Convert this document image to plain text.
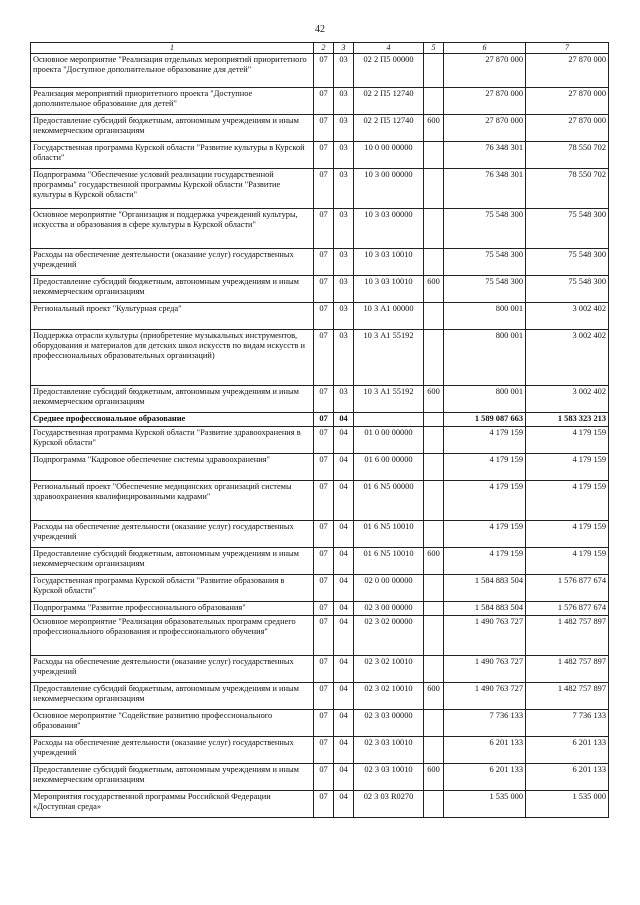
42
1	2	3	4	5	6	7
Основное мероприятие "Реализация отдельных мероприятий приоритетного проекта "Доступное дополнительное образование для детей"	07	03	02 2 П5 00000		27 870 000	27 870 000
Реализация мероприятий приоритетного проекта "Доступное дополнительное образование для детей"	07	03	02 2 П5 12740		27 870 000	27 870 000
Предоставление субсидий бюджетным, автономным учреждениям и иным некоммерческим организациям	07	03	02 2 П5 12740	600	27 870 000	27 870 000
Государственная программа Курской области "Развитие культуры в Курской области"	07	03	10 0 00 00000		76 348 301	78 550 702
Подпрограмма "Обеспечение условий реализации государственной программы" государственной программы Курской области "Развитие культуры в Курской области"	07	03	10 3 00 00000		76 348 301	78 550 702
Основное мероприятие "Организация и поддержка учреждений культуры, искусства и образования в сфере культуры в Курской области"	07	03	10 3 03 00000		75 548 300	75 548 300
Расходы на обеспечение деятельности (оказание услуг) государственных учреждений	07	03	10 3 03 10010		75 548 300	75 548 300
Предоставление субсидий бюджетным, автономным учреждениям и иным некоммерческим организациям	07	03	10 3 03 10010	600	75 548 300	75 548 300
Региональный проект "Культурная среда"	07	03	10 3 А1 00000		800 001	3 002 402
Поддержка отрасли культуры (приобретение музыкальных инструментов, оборудования и материалов для детских школ искусств по видам искусств и профессиональных образовательных организаций)	07	03	10 3 А1 55192		800 001	3 002 402
Предоставление субсидий бюджетным, автономным учреждениям и иным некоммерческим организациям	07	03	10 3 А1 55192	600	800 001	3 002 402
Среднее профессиональное образование	07	04			1 589 087 663	1 583 323 213
Государственная программа Курской области "Развитие здравоохранения в Курской области"	07	04	01 0 00 00000		4 179 159	4 179 159
Подпрограмма "Кадровое обеспечение системы здравоохранения"	07	04	01 6 00 00000		4 179 159	4 179 159
Региональный проект "Обеспечение медицинских организаций системы здравоохранения квалифицированными кадрами"	07	04	01 6 N5 00000		4 179 159	4 179 159
Расходы на обеспечение деятельности (оказание услуг) государственных учреждений	07	04	01 6 N5 10010		4 179 159	4 179 159
Предоставление субсидий бюджетным, автономным учреждениям и иным некоммерческим организациям	07	04	01 6 N5 10010	600	4 179 159	4 179 159
Государственная программа Курской области "Развитие образования в Курской области"	07	04	02 0 00 00000		1 584 883 504	1 576 877 674
Подпрограмма "Развитие профессионального образования"	07	04	02 3 00 00000		1 584 883 504	1 576 877 674
Основное мероприятие "Реализация образовательных программ среднего профессионального образования и профессионального обучения"	07	04	02 3 02 00000		1 490 763 727	1 482 757 897
Расходы на обеспечение деятельности (оказание услуг) государственных учреждений	07	04	02 3 02 10010		1 490 763 727	1 482 757 897
Предоставление субсидий бюджетным, автономным учреждениям и иным некоммерческим организациям	07	04	02 3 02 10010	600	1 490 763 727	1 482 757 897
Основное мероприятие "Содействие развитию профессионального образования"	07	04	02 3 03 00000		7 736 133	7 736 133
Расходы на обеспечение деятельности (оказание услуг) государственных учреждений	07	04	02 3 03 10010		6 201 133	6 201 133
Предоставление субсидий бюджетным, автономным учреждениям и иным некоммерческим организациям	07	04	02 3 03 10010	600	6 201 133	6 201 133
Мероприятия государственной программы Российской Федерации «Доступная среда»	07	04	02 3 03 R0270		1 535 000	1 535 000
